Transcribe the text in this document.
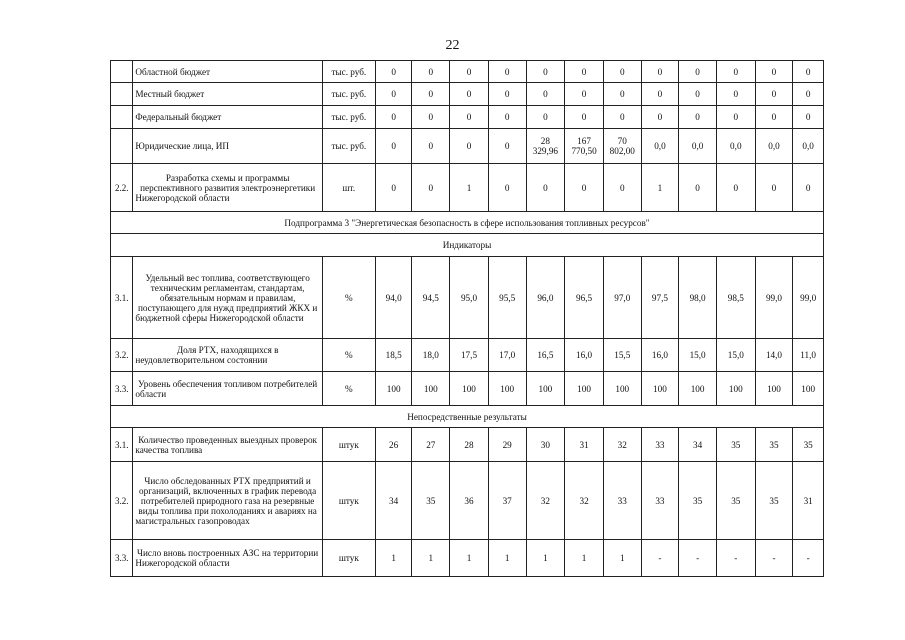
22
	Областной бюджет	тыс. руб.	0	0	0	0	0	0	0	0	0	0	0	0
	Местный бюджет	тыс. руб.	0	0	0	0	0	0	0	0	0	0	0	0
	Федеральный бюджет	тыс. руб.	0	0	0	0	0	0	0	0	0	0	0	0
	Юридические лица, ИП	тыс. руб.	0	0	0	0	28 329,96	167 770,50	70 802,00	0,0	0,0	0,0	0,0	0,0
2.2.	Разработка схемы и программы перспективного развития электроэнергетики Нижегородской области	шт.	0	0	1	0	0	0	0	1	0	0	0	0
Подпрограмма 3 "Энергетическая безопасность в сфере использования топливных ресурсов"														
Индикаторы														
3.1.	Удельный вес топлива, соответствующего техническим регламентам, стандартам, обязательным нормам и правилам, поступающего для нужд предприятий ЖКХ и бюджетной сферы Нижегородской области	%	94,0	94,5	95,0	95,5	96,0	96,5	97,0	97,5	98,0	98,5	99,0	99,0
3.2.	Доля РТХ, находящихся в неудовлетворительном состоянии	%	18,5	18,0	17,5	17,0	16,5	16,0	15,5	16,0	15,0	15,0	14,0	11,0
3.3.	Уровень обеспечения топливом потребителей области	%	100	100	100	100	100	100	100	100	100	100	100	100
Непосредственные результаты														
3.1.	Количество проведенных выездных проверок качества топлива	штук	26	27	28	29	30	31	32	33	34	35	35	35
3.2.	Число обследованных РТХ предприятий и организаций, включенных в график перевода потребителей природного газа на резервные виды топлива при похолоданиях и авариях на магистральных газопроводах	штук	34	35	36	37	32	32	33	33	35	35	35	31
3.3.	Число вновь построенных АЗС на территории Нижегородской области	штук	1	1	1	1	1	1	1	-	-	-	-	-
